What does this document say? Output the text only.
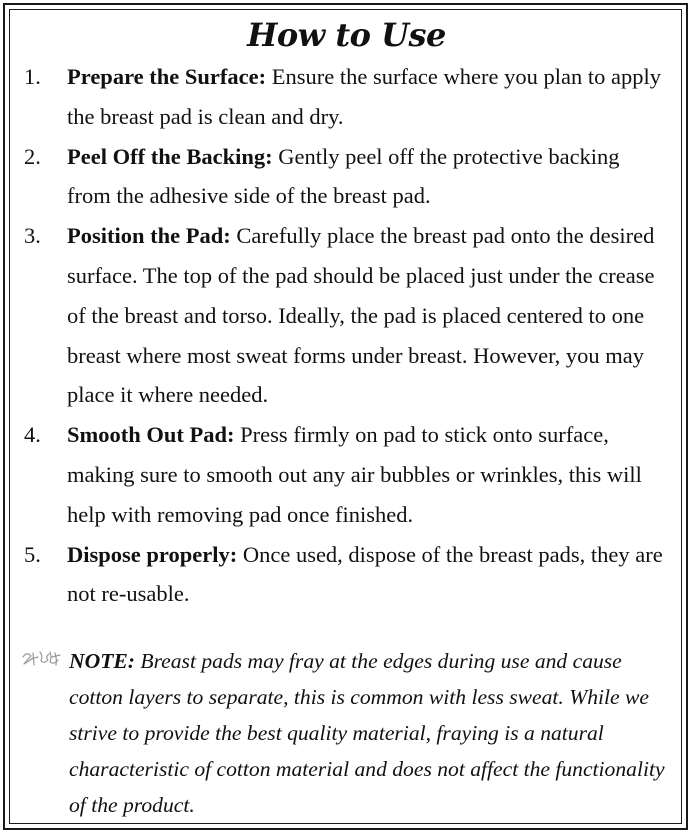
How to Use
1. Prepare the Surface: Ensure the surface where you plan to apply the breast pad is clean and dry.
2. Peel Off the Backing: Gently peel off the protective backing from the adhesive side of the breast pad.
3. Position the Pad: Carefully place the breast pad onto the desired surface. The top of the pad should be placed just under the crease of the breast and torso. Ideally, the pad is placed centered to one breast where most sweat forms under breast. However, you may place it where needed.
4. Smooth Out Pad: Press firmly on pad to stick onto surface, making sure to smooth out any air bubbles or wrinkles, this will help with removing pad once finished.
5. Dispose properly: Once used, dispose of the breast pads, they are not re-usable.

NOTE: Breast pads may fray at the edges during use and cause cotton layers to separate, this is common with less sweat. While we strive to provide the best quality material, fraying is a natural characteristic of cotton material and does not affect the functionality of the product.
